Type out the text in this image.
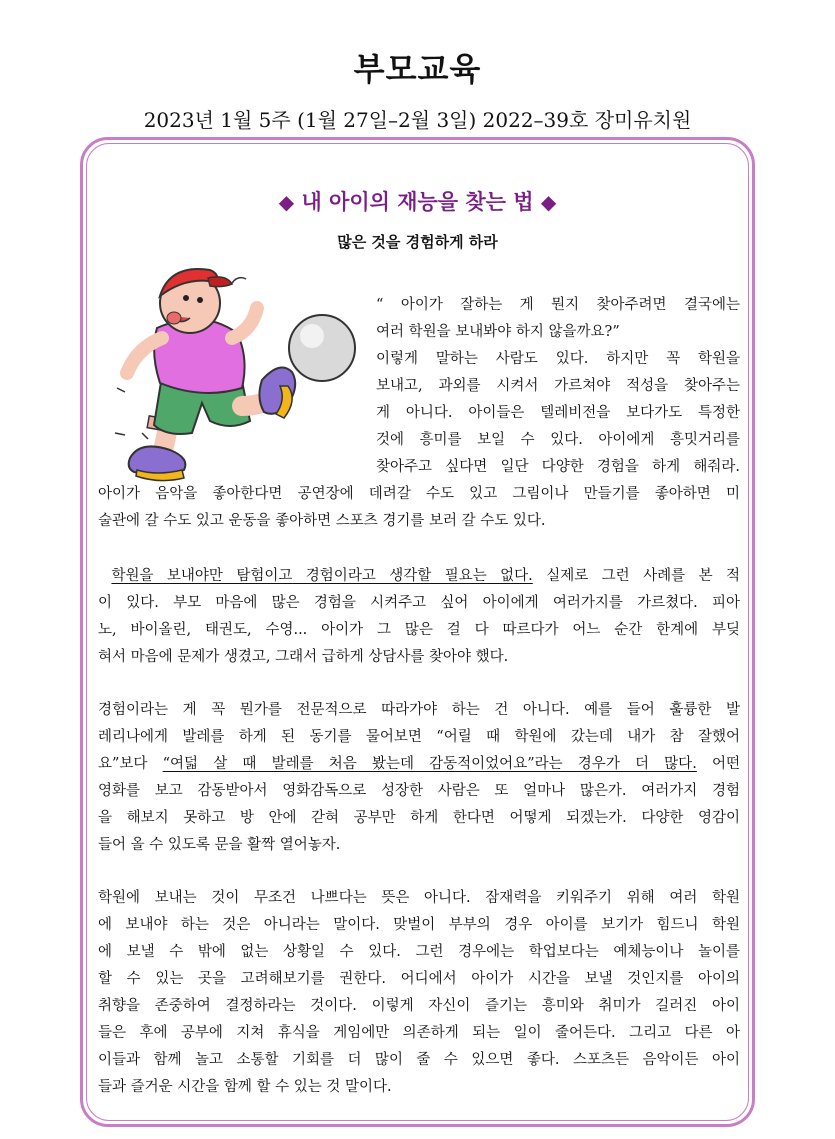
부모교육
2023년 1월 5주 (1월 27일–2월 3일) 2022–39호 장미유치원
◆ 내 아이의 재능을 찾는 법 ◆
많은 것을 경험하게 하라
“ 아이가 잘하는 게 뭔지 찾아주려면 결국에는
여러 학원을 보내봐야 하지 않을까요?”
이렇게 말하는 사람도 있다. 하지만 꼭 학원을
보내고, 과외를 시켜서 가르쳐야 적성을 찾아주는
게 아니다. 아이들은 텔레비전을 보다가도 특정한
것에 흥미를 보일 수 있다. 아이에게 흥밋거리를
찾아주고 싶다면 일단 다양한 경험을 하게 해줘라.
아이가 음악을 좋아한다면 공연장에 데려갈 수도 있고 그림이나 만들기를 좋아하면 미
술관에 갈 수도 있고 운동을 좋아하면 스포츠 경기를 보러 갈 수도 있다.
학원을 보내야만 탐험이고 경험이라고 생각할 필요는 없다. 실제로 그런 사례를 본 적
이 있다. 부모 마음에 많은 경험을 시켜주고 싶어 아이에게 여러가지를 가르쳤다. 피아
노, 바이올린, 태권도, 수영... 아이가 그 많은 걸 다 따르다가 어느 순간 한계에 부딪
혀서 마음에 문제가 생겼고, 그래서 급하게 상담사를 찾아야 했다.
경험이라는 게 꼭 뭔가를 전문적으로 따라가야 하는 건 아니다. 예를 들어 훌륭한 발
레리나에게 발레를 하게 된 동기를 물어보면 “어릴 때 학원에 갔는데 내가 참 잘했어
요”보다 “여덟 살 때 발레를 처음 봤는데 감동적이었어요”라는 경우가 더 많다. 어떤
영화를 보고 감동받아서 영화감독으로 성장한 사람은 또 얼마나 많은가. 여러가지 경험
을 해보지 못하고 방 안에 갇혀 공부만 하게 한다면 어떻게 되겠는가. 다양한 영감이
들어 올 수 있도록 문을 활짝 열어놓자.
학원에 보내는 것이 무조건 나쁘다는 뜻은 아니다. 잠재력을 키워주기 위해 여러 학원
에 보내야 하는 것은 아니라는 말이다. 맞벌이 부부의 경우 아이를 보기가 힘드니 학원
에 보낼 수 밖에 없는 상황일 수 있다. 그런 경우에는 학업보다는 예체능이나 놀이를
할 수 있는 곳을 고려해보기를 권한다. 어디에서 아이가 시간을 보낼 것인지를 아이의
취향을 존중하여 결정하라는 것이다. 이렇게 자신이 즐기는 흥미와 취미가 길러진 아이
들은 후에 공부에 지쳐 휴식을 게임에만 의존하게 되는 일이 줄어든다. 그리고 다른 아
이들과 함께 놀고 소통할 기회를 더 많이 줄 수 있으면 좋다. 스포츠든 음악이든 아이
들과 즐거운 시간을 함께 할 수 있는 것 말이다.
